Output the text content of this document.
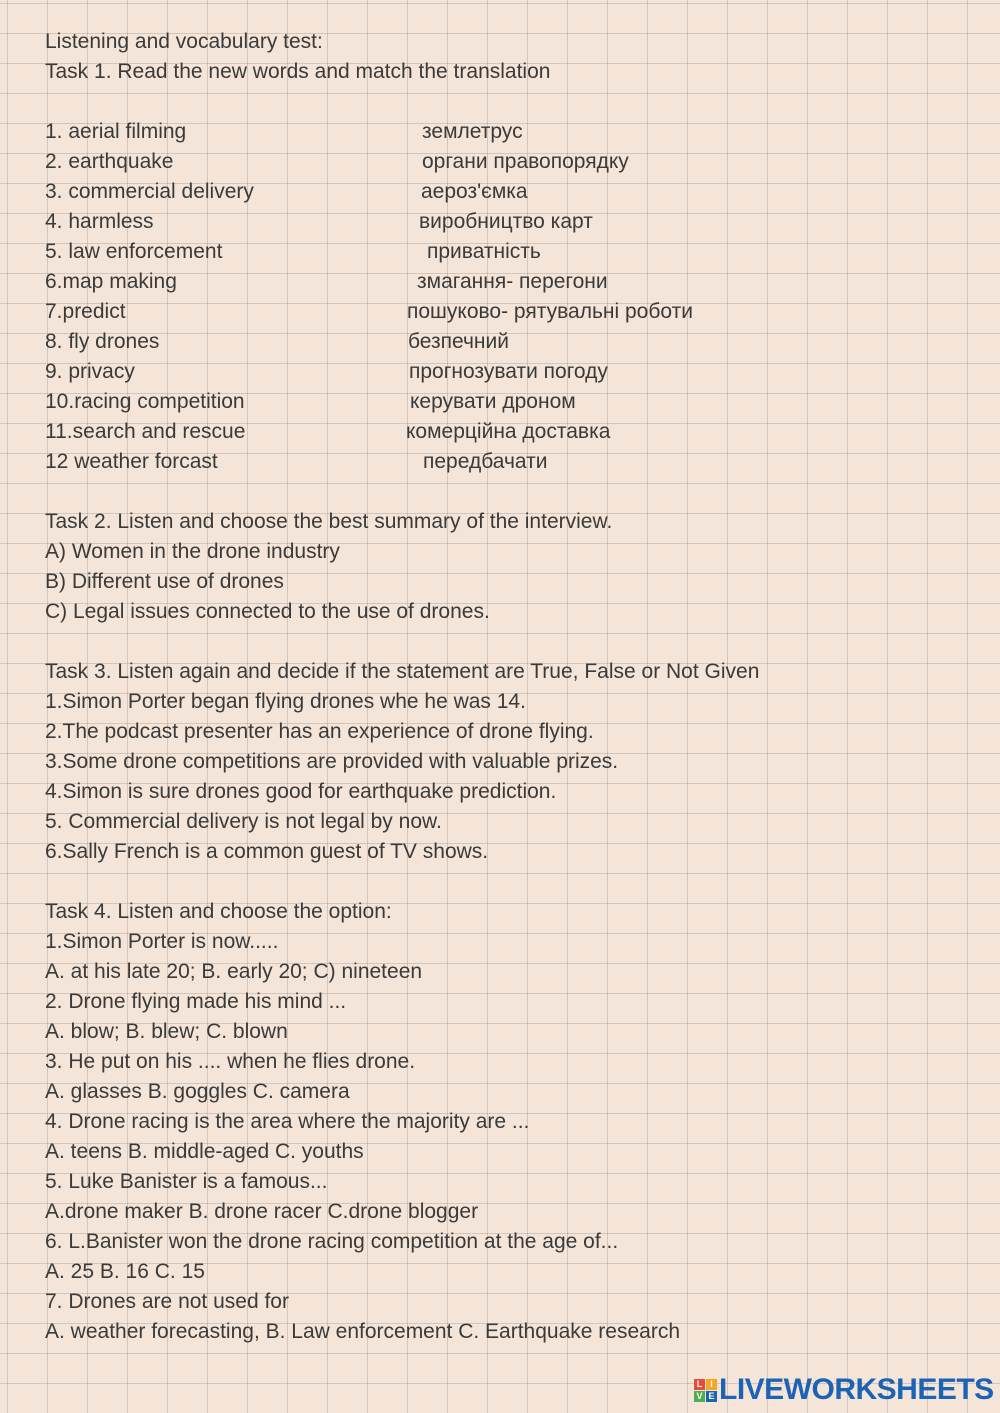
Listening and vocabulary test:
Task 1. Read the new words and match the translation
1. aerial filming
2. earthquake
3. commercial delivery
4. harmless
5. law enforcement
6.map making
7.predict
8. fly drones
9. privacy
10.racing competition
11.search and rescue
12 weather forcast
землетрус
органи правопорядку
аероз'ємка
виробництво карт
приватність
змагання- перегони
пошуково- рятувальні роботи
безпечний
прогнозувати погоду
керувати дроном
комерційна доставка
передбачати
Task 2. Listen and choose the best summary of the interview.
A) Women in the drone industry
B) Different use of drones
C) Legal issues connected to the use of drones.
Task 3. Listen again and decide if the statement are True, False or Not Given
1.Simon Porter began flying drones whe he was 14.
2.The podcast presenter has an experience of drone flying.
3.Some drone competitions are provided with valuable prizes.
4.Simon is sure drones good for earthquake prediction.
5. Commercial delivery is not legal by now.
6.Sally French is a common guest of TV shows.
Task 4. Listen and choose the option:
1.Simon Porter is now.....
A. at his late 20; B. early 20; C) nineteen
2. Drone flying made his mind ...
A. blow; B. blew; C. blown
3. He put on his .... when he flies drone.
A. glasses B. goggles C. camera
4. Drone racing is the area where the majority are ...
A. teens B. middle-aged C. youths
5. Luke Banister is a famous...
A.drone maker B. drone racer C.drone blogger
6. L.Banister won the drone racing competition at the age of...
A. 25 B. 16 C. 15
7. Drones are not used for
A. weather forecasting, B. Law enforcement C. Earthquake research
L I
V E LIVEWORKSHEETS
